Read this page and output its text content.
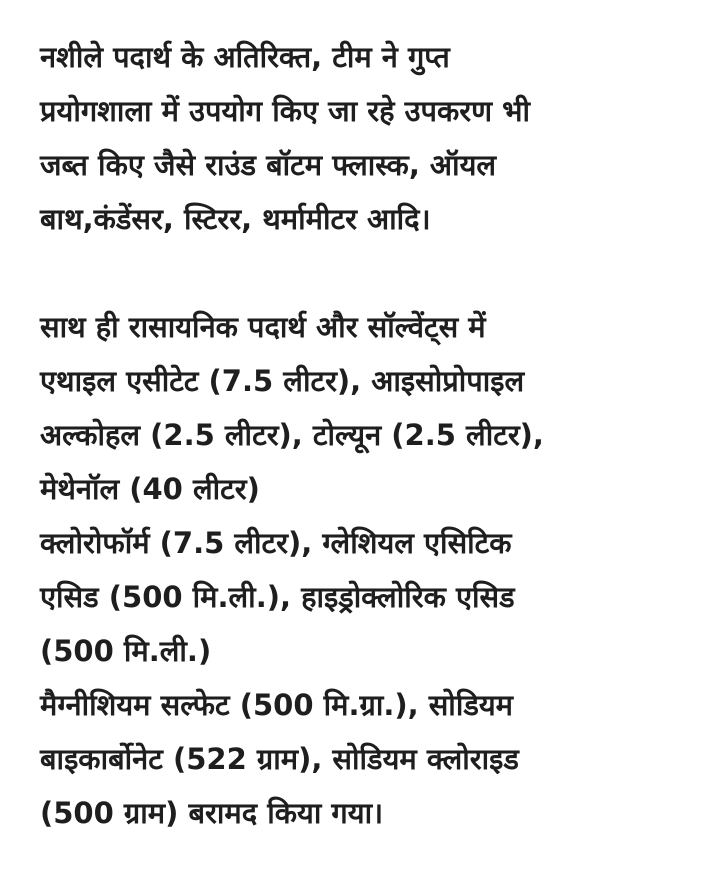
नशीले पदार्थ के अतिरिक्त, टीम ने गुप्त
प्रयोगशाला में उपयोग किए जा रहे उपकरण भी
जब्त किए जैसे राउंड बॉटम फ्लास्क, ऑयल
बाथ,कंडेंसर, स्टिरर, थर्मामीटर आदि।
साथ ही रासायनिक पदार्थ और सॉल्वेंट्स में
एथाइल एसीटेट (7.5 लीटर), आइसोप्रोपाइल
अल्कोहल (2.5 लीटर), टोल्यून (2.5 लीटर),
मेथेनॉल (40 लीटर)
क्लोरोफॉर्म (7.5 लीटर), ग्लेशियल एसिटिक
एसिड (500 मि.ली.), हाइड्रोक्लोरिक एसिड
(500 मि.ली.)
मैग्नीशियम सल्फेट (500 मि.ग्रा.), सोडियम
बाइकार्बोनेट (522 ग्राम), सोडियम क्लोराइड
(500 ग्राम) बरामद किया गया।
